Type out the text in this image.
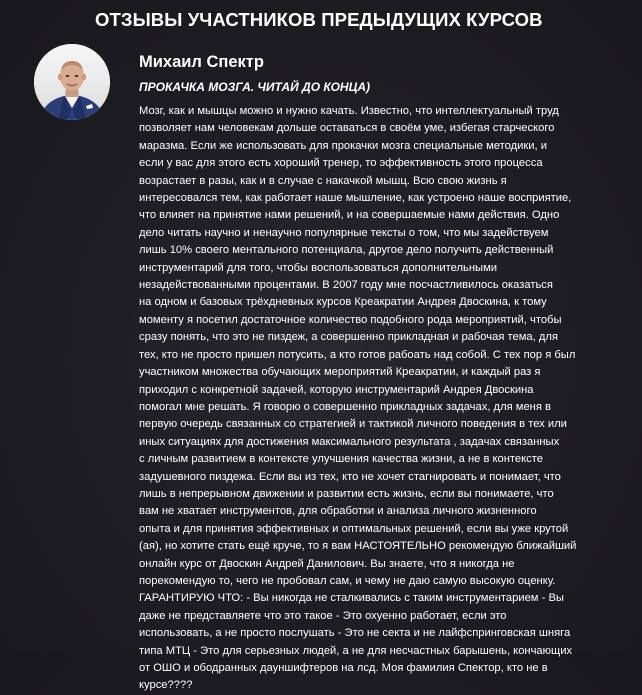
ОТЗЫВЫ УЧАСТНИКОВ ПРЕДЫДУЩИХ КУРСОВ
Михаил Спектр
ПРОКАЧКА МОЗГА. ЧИТАЙ ДО КОНЦА)
Мозг, как и мышцы можно и нужно качать. Известно, что интеллектуальный труд
позволяет нам человекам дольше оставаться в своём уме, избегая старческого
маразма. Если же использовать для прокачки мозга специальные методики, и
если у вас для этого есть хороший тренер, то эффективность этого процесса
возрастает в разы, как и в случае с накачкой мышц. Всю свою жизнь я
интересовался тем, как работает наше мышление, как устроено наше восприятие,
что влияет на принятие нами решений, и на совершаемые нами действия. Одно
дело читать научно и ненаучно популярные тексты о том, что мы задействуем
лишь 10% своего ментального потенциала, другое дело получить действенный
инструментарий для того, чтобы воспользоваться дополнительными
незадействованными процентами. В 2007 году мне посчастливилось оказаться
на одном и базовых трёхдневных курсов Креакратии Андрея Двоскина, к тому
моменту я посетил достаточное количество подобного рода мероприятий, чтобы
сразу понять, что это не пиздеж, а совершенно прикладная и рабочая тема, для
тех, кто не просто пришел потусить, а кто готов рабоать над собой. С тех пор я был
участником множества обучающих мероприятий Креакратии, и каждый раз я
приходил с конкретной задачей, которую инструментарий Андрея Двоскина
помогал мне решать. Я говорю о совершенно прикладных задачах, для меня в
первую очередь связанных со стратегией и тактикой личного поведения в тех или
иных ситуациях для достижения максимального результата , задачах связанных
с личным развитием в контексте улучшения качества жизни, а не в контексте
задушевного пиздежа. Если вы из тех, кто не хочет стагнировать и понимает, что
лишь в непрерывном движении и развитии есть жизнь, если вы понимаете, что
вам не хватает инструментов, для обработки и анализа личного жизненного
опыта и для принятия эффективных и оптимальных решений, если вы уже крутой
(ая), но хотите стать ещё круче, то я вам НАСТОЯТЕЛЬНО рекомендую ближайший
онлайн курс от Двоскин Андрей Данилович. Вы знаете, что я никогда не
порекомендую то, чего не пробовал сам, и чему не даю самую высокую оценку.
ГАРАНТИРУЮ ЧТО: - Вы никогда не сталкивались с таким инструментарием - Вы
даже не представляете что это такое - Это охуенно работает, если это
использовать, а не просто послушать - Это не секта и не лайфспринговская шняга
типа МТЦ - Это для серьезных людей, а не для несчастных барышень, кончающих
от ОШО и ободранных дауншифтеров на лсд. Моя фамилия Спектор, кто не в
курсе????
